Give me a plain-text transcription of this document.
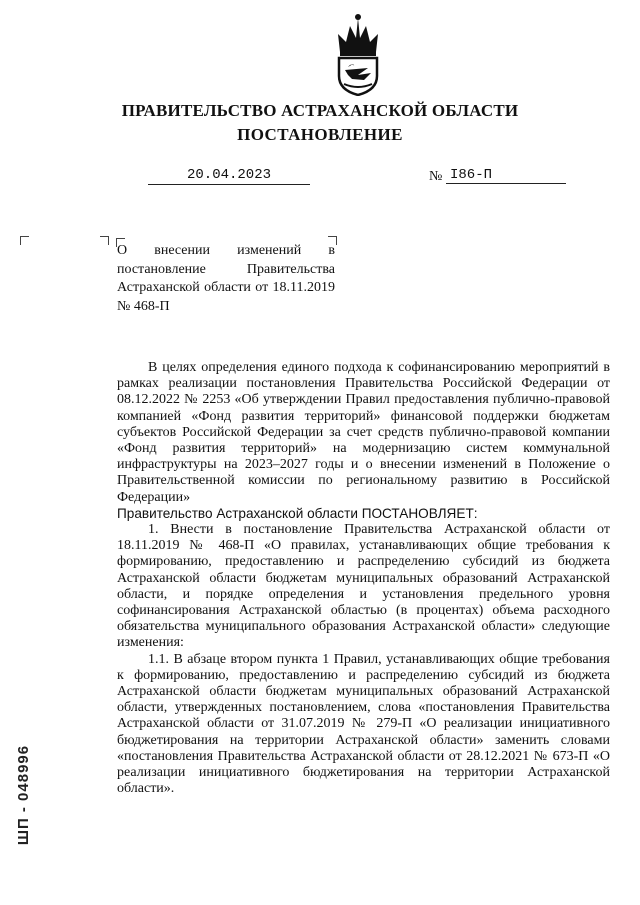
ПРАВИТЕЛЬСТВО АСТРАХАНСКОЙ ОБЛАСТИ
ПОСТАНОВЛЕНИЕ
20.04.2023	№ I86-П
О внесении изменений в постановление Правительства Астраханской области от 18.11.2019 № 468-П

В целях определения единого подхода к софинансированию мероприятий в рамках реализации постановления Правительства Российской Федерации от 08.12.2022 № 2253 «Об утверждении Правил предоставления публично-правовой компанией «Фонд развития территорий» финансовой поддержки бюджетам субъектов Российской Федерации за счет средств публично-правовой компании «Фонд развития территорий» на модернизацию систем коммунальной инфраструктуры на 2023–2027 годы и о внесении изменений в Положение о Правительственной комиссии по региональному развитию в Российской Федерации»

Правительство Астраханской области ПОСТАНОВЛЯЕТ:

1. Внести в постановление Правительства Астраханской области от 18.11.2019 № 468-П «О правилах, устанавливающих общие требования к формированию, предоставлению и распределению субсидий из бюджета Астраханской области бюджетам муниципальных образований Астраханской области, и порядке определения и установления предельного уровня софинансирования Астраханской областью (в процентах) объема расходного обязательства муниципального образования Астраханской области» следующие изменения:

1.1. В абзаце втором пункта 1 Правил, устанавливающих общие требования к формированию, предоставлению и распределению субсидий из бюджета Астраханской области бюджетам муниципальных образований Астраханской области, утвержденных постановлением, слова «постановления Правительства Астраханской области от 31.07.2019 № 279-П «О реализации инициативного бюджетирования на территории Астраханской области» заменить словами «постановления Правительства Астраханской области от 28.12.2021 № 673-П «О реализации инициативного бюджетирования на территории Астраханской области».

ШП - 048996
